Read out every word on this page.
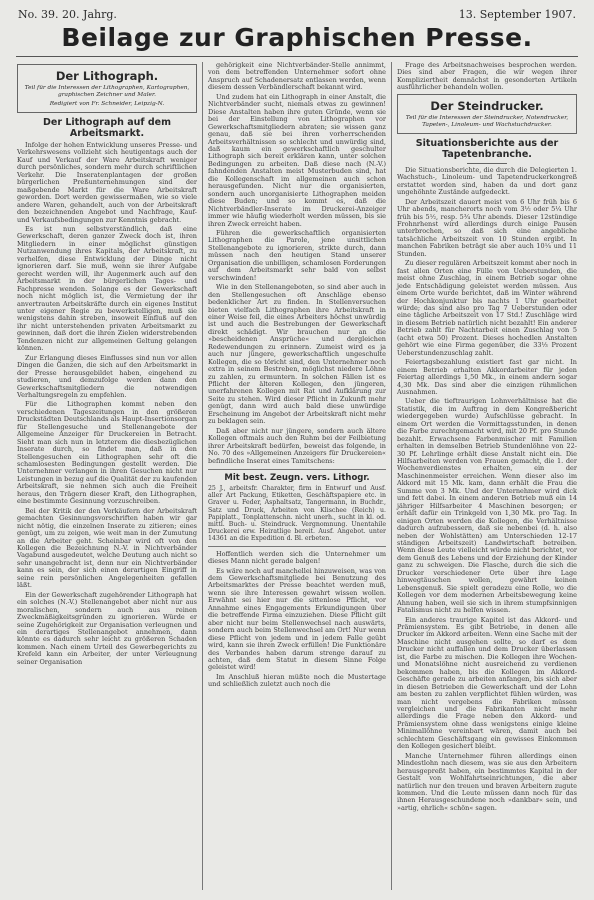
No. 39. 20. Jahrg.	13. September 1907.
Beilage zur Graphischen Presse.
Der Lithograph.
Teil für die Interessen der Lithographen, Kartographen, graphischen Zeichner und Maler.
Redigiert von Fr. Schneider, Leipzig-N.
Der Lithograph auf dem Arbeitsmarkt.

Infolge der hohen Entwicklung unseres Presse- und Verkehrswesens vollzieht sich heutigentags auch der Kauf und Verkauf der Ware Arbeitskraft weniger durch persönliches, sondern mehr durch schriftlichen Verkehr. Die Inseratenplantagen der großen bürgerlichen Preßunternehmungen sind der maßgebende Markt für die Ware Arbeitskraft geworden. Dort werden gewissermaßen, wie so viele andere Waren, gehandelt, auch von der Arbeitskraft den bezeichnenden Angebot und Nachfrage, Kauf- und Verkaufsbedingungen zur Kenntnis gebracht.

Es ist nun selbstverständlich, daß eine Gewerkschaft, deren ganzer Zweck doch ist, ihren Mitgliedern in einer möglichst günstigen Nutzanwendung ihres Kapitals, der Arbeitskraft, zu verhelfen, diese Entwicklung der Dinge nicht ignorieren darf. Sie muß, wenn sie ihrer Aufgabe gerecht werden will, ihr Augenmerk auch auf den Arbeitsmarkt in der bürgerlichen Tages- und Fachpresse wenden. Solange es der Gewerkschaft noch nicht möglich ist, die Vermietung der ihr anvertrauten Arbeitskräfte durch ein eigenes Institut unter eigener Regie zu bewerkstelligen, muß sie wenigstens dahin streben, insoweit Einfluß auf den ihr nicht unterstehenden privaten Arbeitsmarkt zu gewinnen, daß dort die ihren Zielen widerstrebenden Tendenzen nicht zur allgemeinen Geltung gelangen können.

Zur Erlangung dieses Einflusses sind nun vor allen Dingen die Ganzen, die sich auf den Arbeitsmarkt in der Presse herausgebildet haben, eingehend zu studieren, und demzufolge werden dann den Gewerkschaftsmitgliedern die notwendigen Verhaltungsregeln zu empfehlen.

Für die Lithographen kommt neben den verschiedenen Tageszeitungen in den größeren Druckstädten Deutschlands als Haupt-Insertionsorgan für Stellengesuche und Stellenangebote der Allgemeine Anzeiger für Druckereien in Betracht. Sieht man sich nun in letzterem die diesbezüglichen Inserate durch, so findet man, daß in den Stellengesuchen ein Lithographen sehr oft die schamlosesten Bedingungen gestellt werden. Die Unternehmer verlangen in ihren Gesuchen nicht nur Leistungen in bezug auf die Qualität der zu kaufenden Arbeitskraft, sie nehmen sich auch die Freiheit heraus, den Trägern dieser Kraft, den Lithographen, eine bestimmte Gesinnung vorzuschreiben.

Bei der Kritik der den Verkäufern der Arbeitskraft gemachten Gesinnungsvorschriften haben wir gar nicht nötig, die einzelnen Inserate zu zitieren; eines genügt, um zu zeigen, wie weit man in der Zumutung an die Arbeiter geht. Scheinbar wird oft von den Kollegen die Bezeichnung N.-V. in Nichtverbänder Vagabund ausgedeutet, welche Deutung auch nicht so sehr unangebracht ist, denn nur ein Nichtverbänder kann es sein, der sich einen derartigen Eingriff in seine rein persönlichen Angelegenheiten gefallen läßt.

Ein der Gewerkschaft zugehörender Lithograph hat ein solches (N.-V.) Stellenangebot aber nicht nur aus moralischen, sondern auch aus reinen Zweckmäßigkeitsgründen zu ignorieren. Würde er seine Zugehörigkeit zur Organisation verleugnen und ein derartiges Stellenangebot annehmen, dann könnte es dadurch sehr leicht zu größeren Schaden kommen. Nach einem Urteil des Gewerbegerichts zu Krefeld kann ein Arbeiter, der unter Verleugnung seiner Organisation

gehörigkeit eine Nichtverbänder-Stelle annimmt, von dem betreffenden Unternehmer sofort ohne Anspruch auf Schadenersatz entlassen werden, wenn diesem dessen Verbändlerschaft bekannt wird.

Und zudem hat ein Lithograph in einer Anstalt, die Nichtverbänder sucht, niemals etwas zu gewinnen! Diese Anstalten haben ihre guten Gründe, wenn sie bei der Einstellung von Lithographen vor Gewerkschaftsmitgliedern abraten; sie wissen ganz genau, daß sie bei ihren vorherrschenden Arbeitsverhältnissen so schlecht und unwürdig sind, daß kaum ein gewerkschaftlich geschulter Lithograph sich bereit erklären kann, unter solchen Bedingungen zu arbeiten. Daß diese nach (N.-V.) fahndenden Anstalten meist Musterbuden sind, hat die Kollegenschaft im allgemeinen auch schon herausgefunden. Nicht nur die organisierten, sondern auch unorganisierte Lithographen meiden diese Buden; und so kommt es, daß die Nichtverbändler-Inserate im Druckerei-Anzeiger immer wie häufig wiederholt werden müssen, bis sie ihren Zweck erreicht haben.

Führen die gewerkschaftlich organisierten Lithographen die Parole, jene unsittlichen Stellenangebote zu ignorieren, strikte durch, dann müssen nach den heutigen Stand unserer Organisation die unbilligen, schamlosen Forderungen auf dem Arbeitsmarkt sehr bald von selbst verschwinden!

Wie in den Stellenangeboten, so sind aber auch in den Stellengesuchen oft Anschläge ebenso bedenklicher Art zu finden. In Stellenversuchen bieten vielfach Lithographen ihre Arbeitskraft in einer Weise feil, die eines Arbeiters höchst unwürdig ist und auch die Bestrebungen der Gewerkschaft direkt schädigt. Wir brauchen nur an die »bescheidenen Ansprüche« und dergleichen Redewendungen zu erinnern. Zumeist wird es ja auch nur jüngere, gewerkschaftlich ungeschulte Kollegen, die so töricht sind, den Unternehmer noch extra in seinem Bestreben, möglichst niedere Löhne zu zahlen, zu ermuntern. In solchen Fällen ist es Pflicht der älteren Kollegen, den jüngeren, unerfahrenen Kollegen mit Rat und Aufklärung zur Seite zu stehen. Wird dieser Pflicht in Zukunft mehr genügt, dann wird auch bald diese unwürdige Erscheinung im Angebot der Arbeitskraft nicht mehr zu beklagen sein.

Daß aber nicht nur jüngere, sondern auch ältere Kollegen oftmals auch den Ruhm bei der Feilbietung ihrer Arbeitskraft bedürfen, beweist das folgende, in No. 70 des »Allgemeinen Anzeigers für Druckereien« befindliche Inserat eines Tamitschens:

Mit best. Zeugn. vers. Lithogr.

25 J., arbeitsfr. Charakter, firm in Entwurf und Ausf. aller Art Packung, Etiketten, Geschäftspapiere etc. in Graver u. Feder, Asphaltsatz, Tangermann, in Buchdr., Satz und Druck, Arbeiten von Klischee (Reich) u. Papiplatt., Tonplattenschn. nicht unerh., sucht in kl. od. mittl. Buch- u. Steindruck. Vergnomnung. Unentahile Druckerei erw. Heiratlige bereit. Ausf. Angebot. unter 14361 an die Expedition d. Bl. erbeten.

Hoffentlich werden sich die Unternehmer um dieses Mann nicht gerade balgen!

Es wäre noch auf manchellei hinzuweisen, was von dem Gewerkschaftsmitgliede bei Benutzung des Arbeitsmarktes der Presse beachtet werden muß, wenn sie ihre Interessen gewahrt wissen wollen. Erwähnt sei hier nur die sittenlose Pflicht, vor Annahme eines Engagements Erkundigungen über die betreffende Firma einzuziehen. Diese Pflicht gilt aber nicht nur beim Stellenwechsel nach auswärts, sondern auch beim Stellenwechsel am Ort! Nur wenn diese Pflicht von jedem und in jedem Falle geübt wird, kann sie ihren Zweck erfüllen! Die Funktionäre des Verbandes haben darum strenge darauf zu achten, daß dem Statut in diesem Sinne Folge geleistet wird!

Im Anschluß hieran müßte noch die Mustertage und schließlich zuletzt auch noch die

Frage des Arbeitsnachweises besprochen werden. Dies sind aber Fragen, die wir wegen ihrer Kompliziertheit demnächst in gesonderten Artikeln ausführlicher behandeln wollen.

Der Steindrucker.
Teil für die Interessen der Steindrucker, Notendrucker, Tapeten-, Linoleum- und Wachstuchdrucker.
Situationsberichte aus der Tapetenbranche.

Die Situationsberichte, die durch die Delegierten 1. Wachstuch-, Linoleum- und Tapetendruckerkongreß erstattet worden sind, haben da und dort ganz ungehöhnte Zustände aufgedeckt.

Der Arbeitszeit dauert meist von 6 Uhr früh bis 6 Uhr abends, mancherorts noch vom 3½ oder 5¼ Uhr früh bis 5½, resp. 5¾ Uhr abends. Dieser 12stündige Frohnrhenst wird allerdings durch einige Pausen unterbrochen, so daß sich eine angebliche tatsächliche Arbeitszeit von 10 Stunden ergibt. In manchen Fabriken beträgt sie aber auch 10¼ und 11 Stunden.

Zu dieser regulären Arbeitszeit kommt aber noch in fast allen Orten eine Fülle von Ueberstunden, die meist ohne Zuschlag, in einem Betrieb sogar ohne jede Entschädigung geleistet werden müssen. Aus einem Orte wurde berichtet, daß im Winter während der Hochkonjunktur bis nachts 1 Uhr gearbeitet würde; das sind also pro Tag 7 Ueberstunden oder eine tägliche Arbeitszeit von 17 Std.! Zuschläge wird in diesem Betrieb natürlich nicht bezahlt! Ein anderer Betrieb zahlt für Nachtarbeit einen Zuschlag von 5 (acht etwa 50) Prozent. Dieses hochedlen Anstalten gehört wie eine Firma gegenüber, die 33⅓ Prozent Ueberstundenzuschlag zahlt.

Feiertagsbezahlung existiert fast gar nicht. In einem Betrieb erhalten Akkordarbeiter für jeden Feiertag allerdings 1,50 Mk., in einem andern sogar 4,30 Mk. Das sind aber die einzigen rühmlichen Ausnahmen.

Ueber die tieftraurigen Lohnverhältnisse hat die Statistik, die im Auftrag in dem Kongreßbericht wiedergegeben wurde) Aufschlüsse gebracht. In einem Ort werden die Vormittagsstunden, in denen die Farbe zurechtgemacht wird, mit 20 Pf. pro Stunde bezahlt. Erwachsene Farbenmischer mit Familien erhalten in demselben Betrieb Stundenlöhne von 22- 30 Pf. Lehrlinge erhält diese Anstalt nicht ein. Die Hilfsarbeiten werden von Frauen gemacht, die 1. der Wochenverdienstes erhalten, ein der Maschinenmeister erreichen. Wenn dieser also im Akkord mit 15 Mk. kam, dann erhält die Frau die Summe von 3 Mk. Und der Unternehmer wird dick und fett dabei. In einem anderen Betrieb muß ein 14 jähriger Hilfsarbeiter 4 Maschinen besorgen; er erhält dafür ein Trinkgeld von 1,30 Mk. pro Tag. In einigen Orten werden die Kollegen, die Verhältnisse dadurch aufzubessern, daß sie nebenbei (d. h. also neben der Wohlstätten) am Unterschieden 12-17 ständigen Arbeitszeit) Landwirtschaft betreiben. Wenn diese Leute vielleicht würde nicht berichtet, vor dem Genuß des Lebens und der Erziehung der Kinder ganz zu schweigen. Die Flasche, durch die sich die Drucker verschiedener Orte über ihre Lage hinwegtäuschen wollen, gewährt keinen Lebensgenuß. Sie spielt geradezu eine Rolle, wo die Kollegen vor dem modernen Arbeitsbewegung keine Ahnung haben, weil sie sich in ihrem stumpfsinnigen Fatalismus nicht zu helfen wissen.

Ein anderes traurige Kapitel ist das Akkord- und Prämiensystem. Es gibt Betriebe, in denen alle Drucker im Akkord arbeiten. Wenn eine Sache mit der Maschine nicht ausgehen sollte, so darf es dem Drucker nicht auffallen und dem Drucker überlassen ist, die Farbe zu mischen. Die Kollegen ihre Wochen- und Monatslöhne nicht ausreichend zu verdienen bekommen haben, bis die Kollegen im Akkord-Geschäfte gerade zu arbeiten anfangen, bis sich aber in diesen Betrieben die Gewerkschaft und der Lohn am besten zu zahlen verpflichtet fühlen würden, was man nicht vergebens die Fabriken müssen vergleichen und die Fabrikanten nicht mehr allerdings die Frage neben den Akkord- und Prämiensystem ohne dass wenigstens einige kleine Minimallöhne vereinbart wären, damit auch bei schlechtem Geschäftsgang ein gewisses Einkommen den Kollegen gesichert bleibt.

Manche Unternehmer führen allerdings einen Mindestlohn nach diesem, was sie aus den Arbeitern herausgepreßt haben, ein bestimmtes Kapital in der Gestalt von Wohlfahrtseinrichtungen, die aber natürlich nur den treuen und braven Arbeitern zugute kommen. Und die Leute müssen dann noch für das ihnen Herausgeschundene noch »dankbar« sein, und »artig, ehrlich« schön« sagen.
